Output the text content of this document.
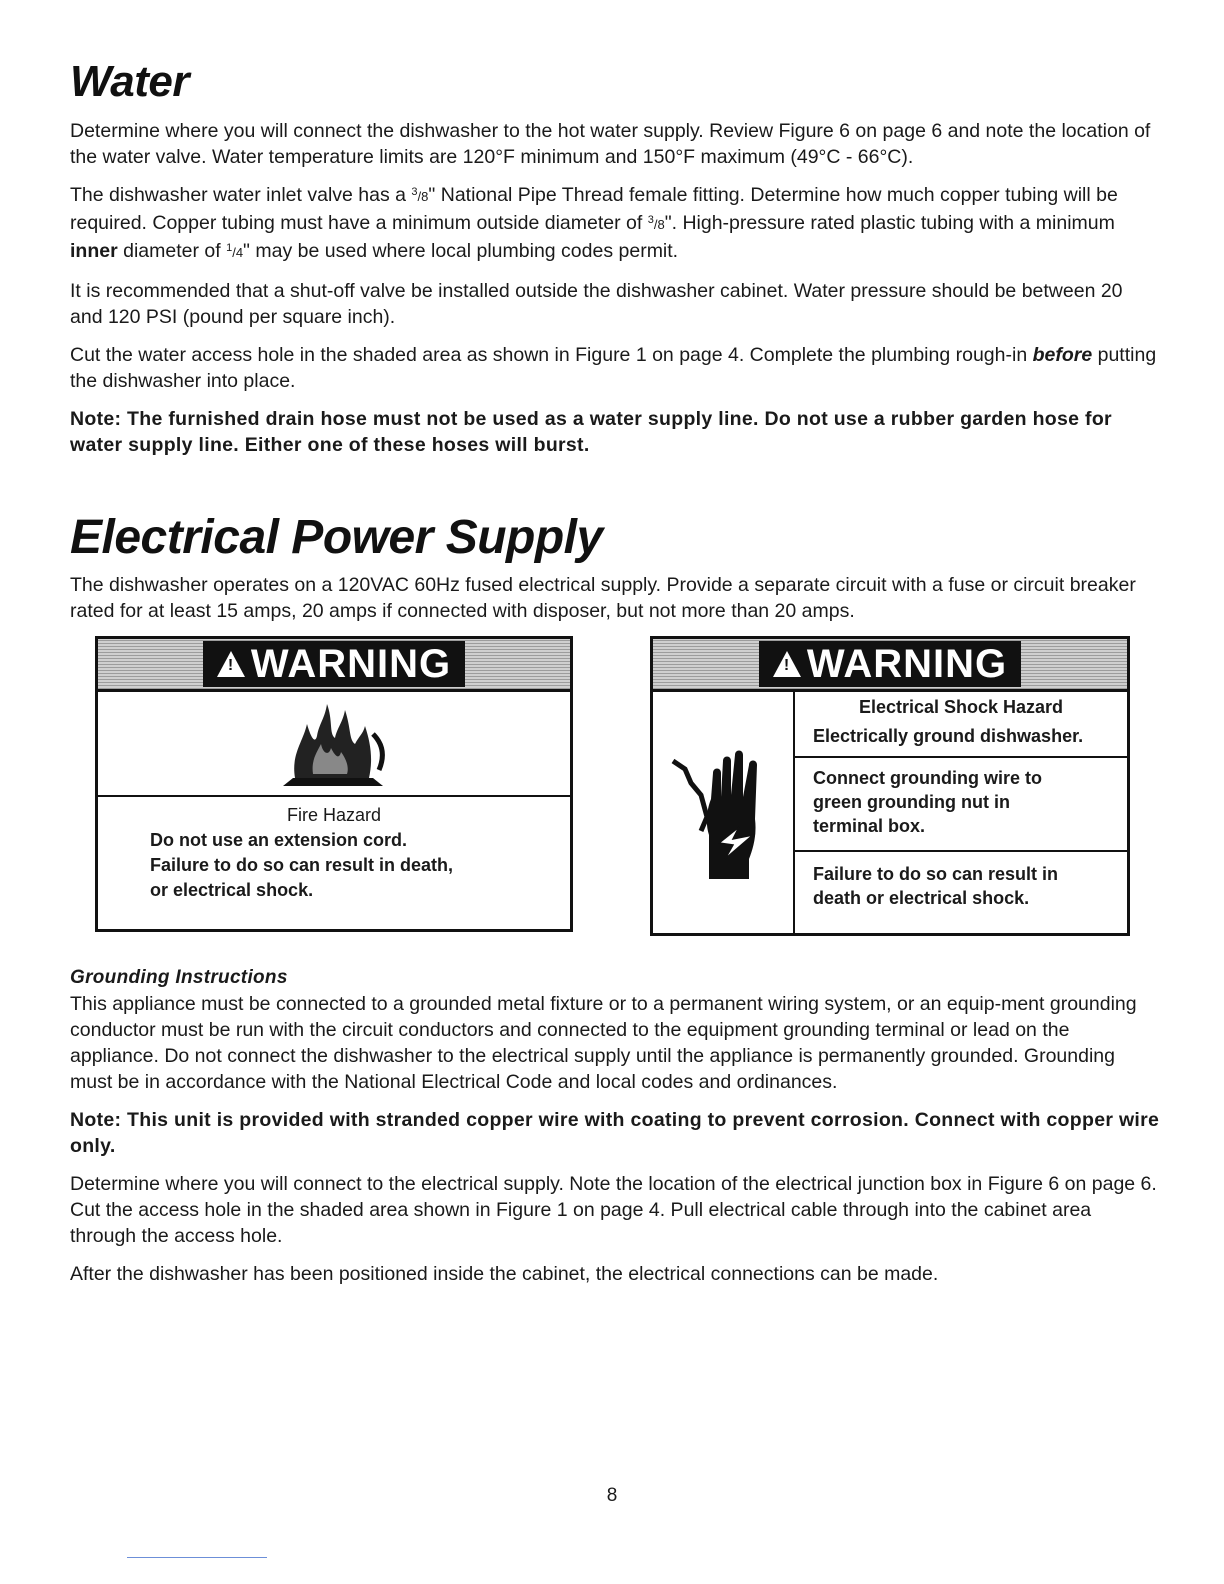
Water

Determine where you will connect the dishwasher to the hot water supply. Review Figure 6 on page 6 and note the location of the water valve. Water temperature limits are 120°F minimum and 150°F maximum (49°C - 66°C).

The dishwasher water inlet valve has a $^3$/8" National Pipe Thread female fitting. Determine how much copper tubing will be required. Copper tubing must have a minimum outside diameter of $^3$/8". High-pressure rated plastic tubing with a minimum inner diameter of $^1$/4" may be used where local plumbing codes permit.

It is recommended that a shut-off valve be installed outside the dishwasher cabinet. Water pressure should be between 20 and 120 PSI (pound per square inch).

Cut the water access hole in the shaded area as shown in Figure 1 on page 4. Complete the plumbing rough-in before putting the dishwasher into place.

Note: The furnished drain hose must not be used as a water supply line. Do not use a rubber garden hose for water supply line. Either one of these hoses will burst.

Electrical Power Supply

The dishwasher operates on a 120VAC 60Hz fused electrical supply. Provide a separate circuit with a fuse or circuit breaker rated for at least 15 amps, 20 amps if connected with disposer, but not more than 20 amps.

! WARNING
Fire Hazard
Do not use an extension cord.
Failure to do so can result in death,
or electrical shock.
! WARNING
Electrical Shock Hazard
Electrically ground dishwasher.
Connect grounding wire to
green grounding nut in
terminal box.
Failure to do so can result in
death or electrical shock.
Grounding Instructions

This appliance must be connected to a grounded metal fixture or to a permanent wiring system, or an equip-ment grounding conductor must be run with the circuit conductors and connected to the equipment grounding terminal or lead on the appliance. Do not connect the dishwasher to the electrical supply until the appliance is permanently grounded. Grounding must be in accordance with the National Electrical Code and local codes and ordinances.

Note: This unit is provided with stranded copper wire with coating to prevent corrosion. Connect with copper wire only.

Determine where you will connect to the electrical supply. Note the location of the electrical junction box in Figure 6 on page 6. Cut the access hole in the shaded area shown in Figure 1 on page 4. Pull electrical cable through into the cabinet area through the access hole.

After the dishwasher has been positioned inside the cabinet, the electrical connections can be made.

8
